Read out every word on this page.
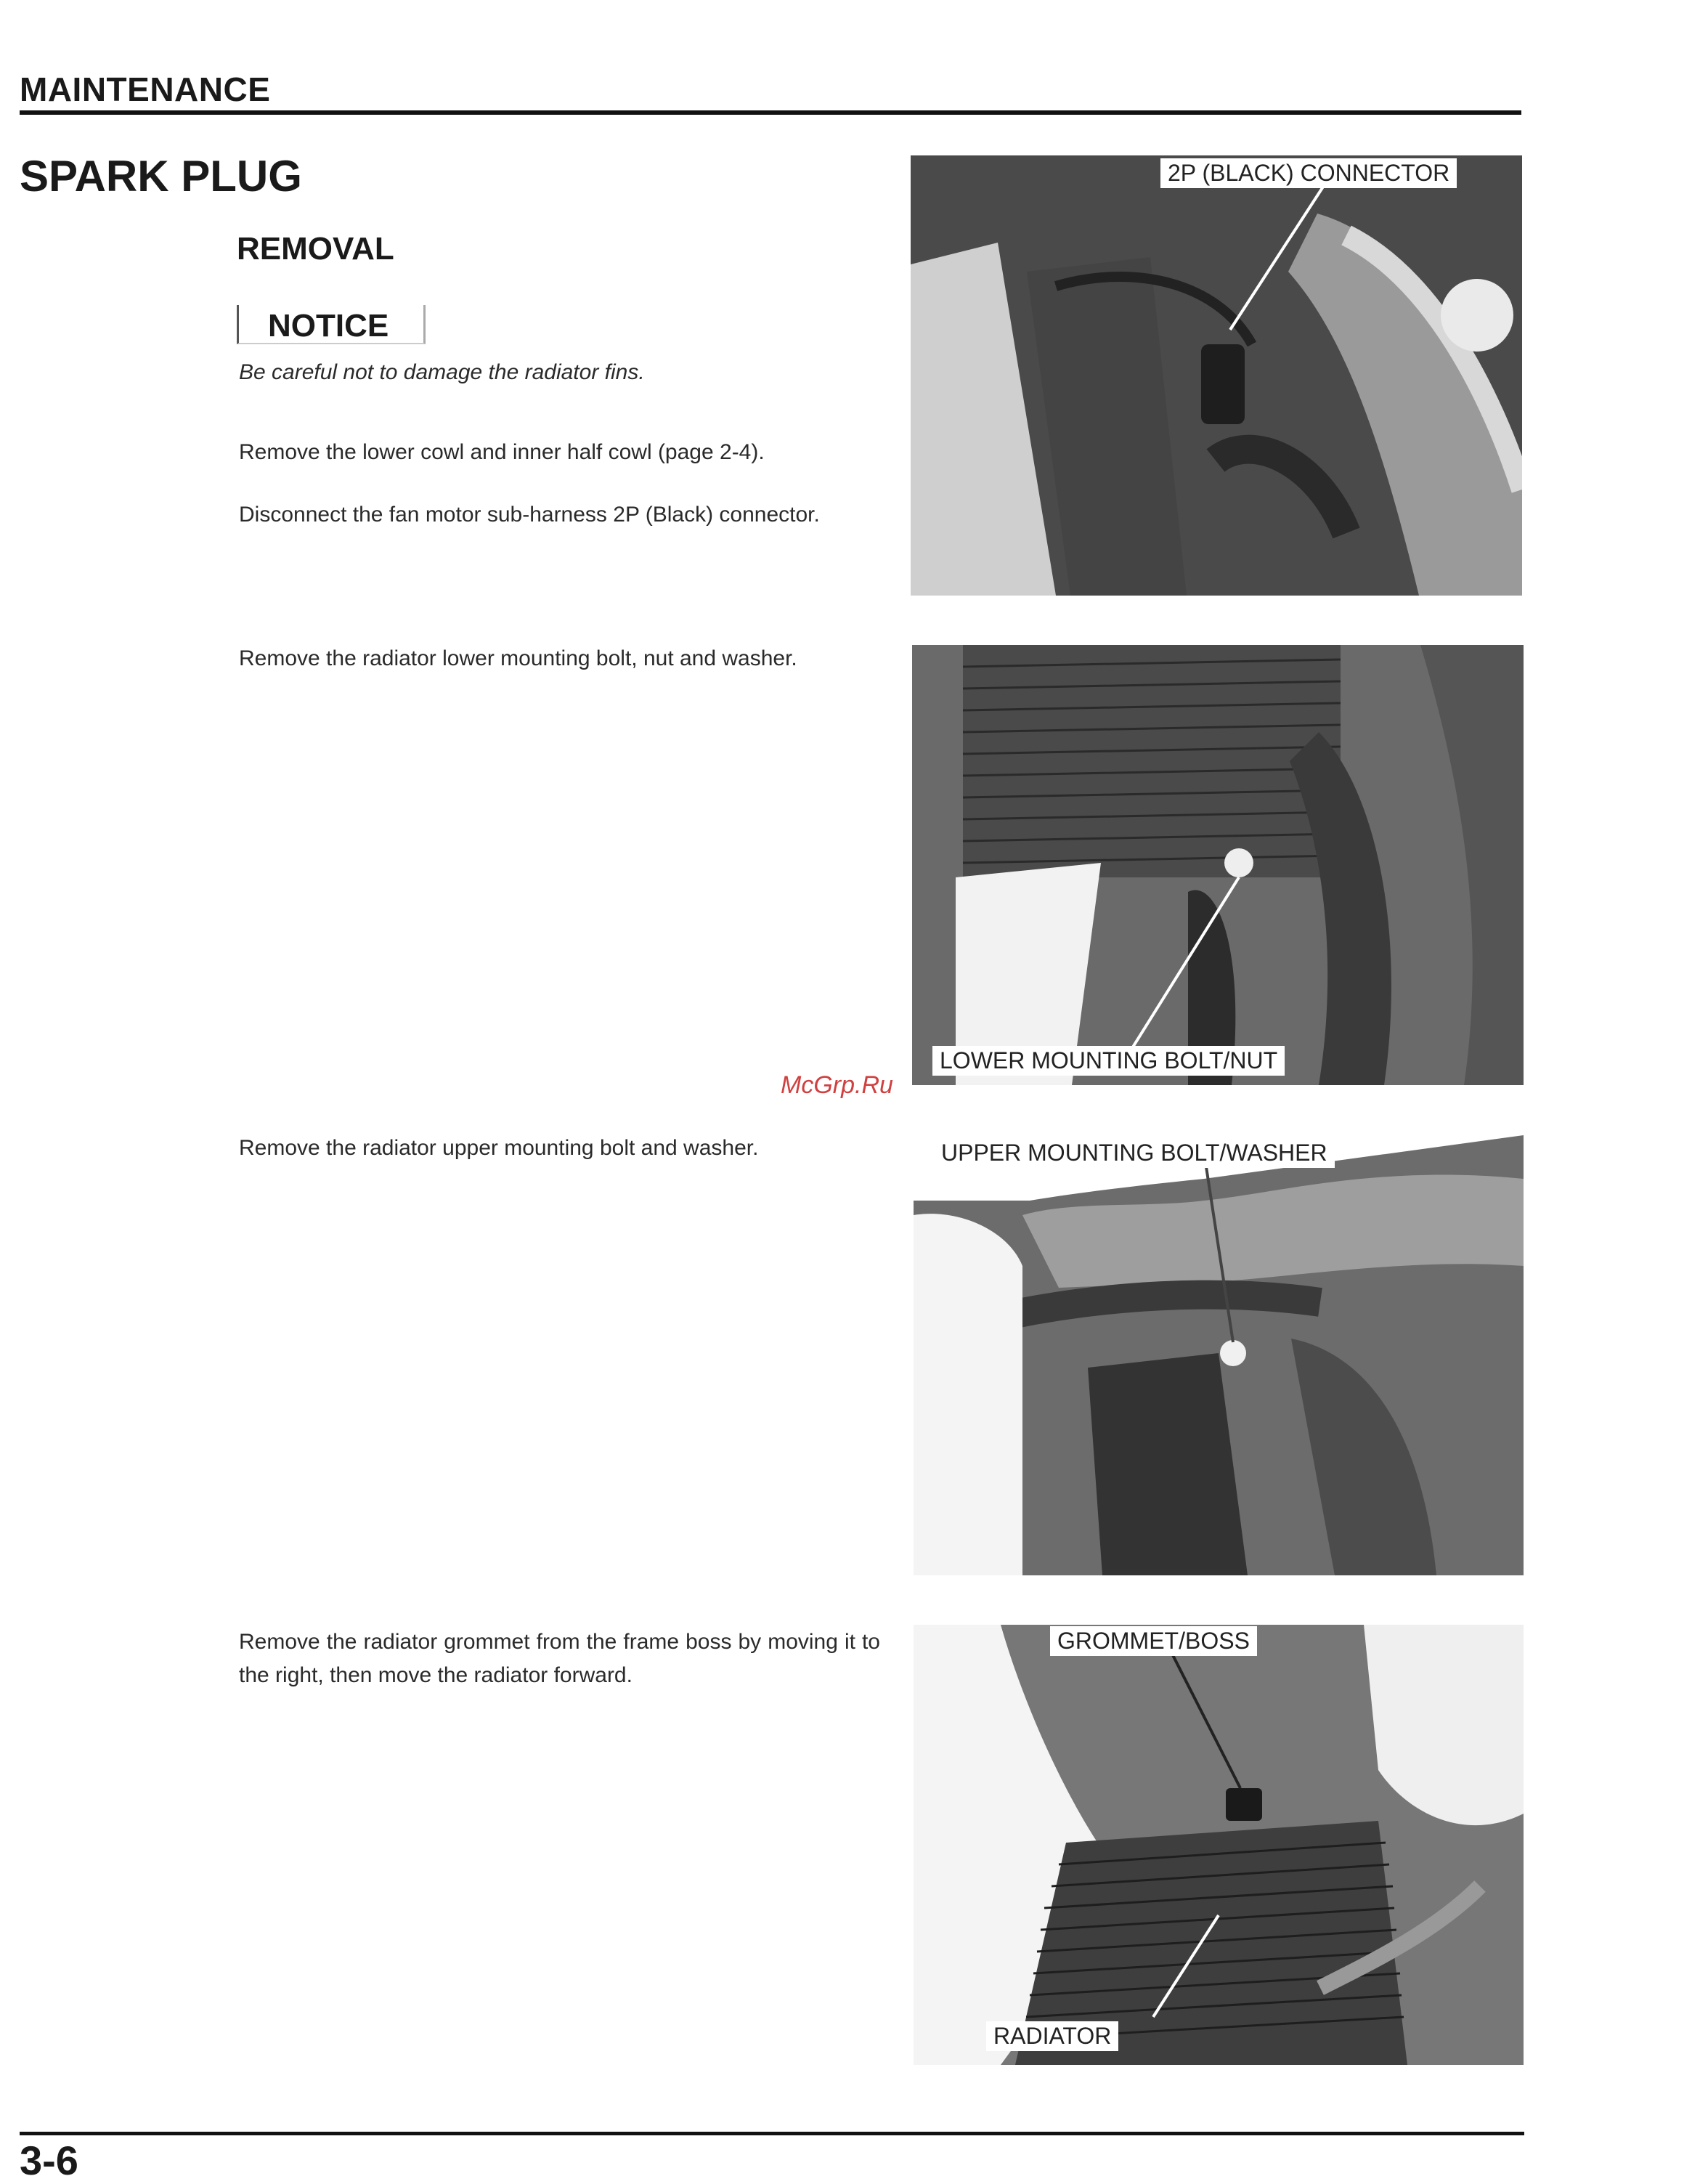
MAINTENANCE
SPARK PLUG
REMOVAL
NOTICE
Be careful not to damage the radiator fins.
Remove the lower cowl and inner half cowl (page 2-4).
Disconnect the fan motor sub-harness 2P (Black) connector.
Remove the radiator lower mounting bolt, nut and washer.
Remove the radiator upper mounting bolt and washer.
Remove the radiator grommet from the frame boss by moving it to the right, then move the radiator forward.
2P (BLACK) CONNECTOR
LOWER MOUNTING BOLT/NUT
McGrp.Ru
UPPER MOUNTING BOLT/WASHER
GROMMET/BOSS
RADIATOR
3-6
